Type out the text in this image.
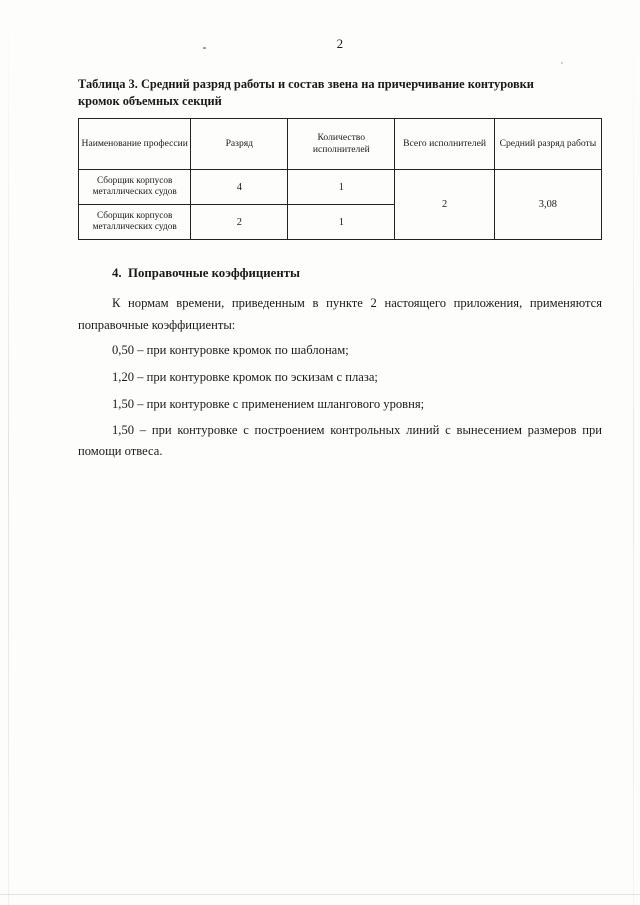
2

Таблица 3. Средний разряд работы и состав звена на причерчивание контуровки
кромок объемных секций

Наименование профессии	Разряд	Количество исполнителей	Всего исполнителей	Средний разряд работы
Сборщик корпусов металлических судов	4	1	2	3,08
Сборщик корпусов металлических судов	2	1		
4. Поправочные коэффициенты

К нормам времени, приведенным в пункте 2 настоящего приложения, применяются поправочные коэффициенты:

0,50 – при контуровке кромок по шаблонам;

1,20 – при контуровке кромок по эскизам с плаза;

1,50 – при контуровке с применением шлангового уровня;

1,50 – при контуровке с построением контрольных линий с вынесением размеров при помощи отвеса.
